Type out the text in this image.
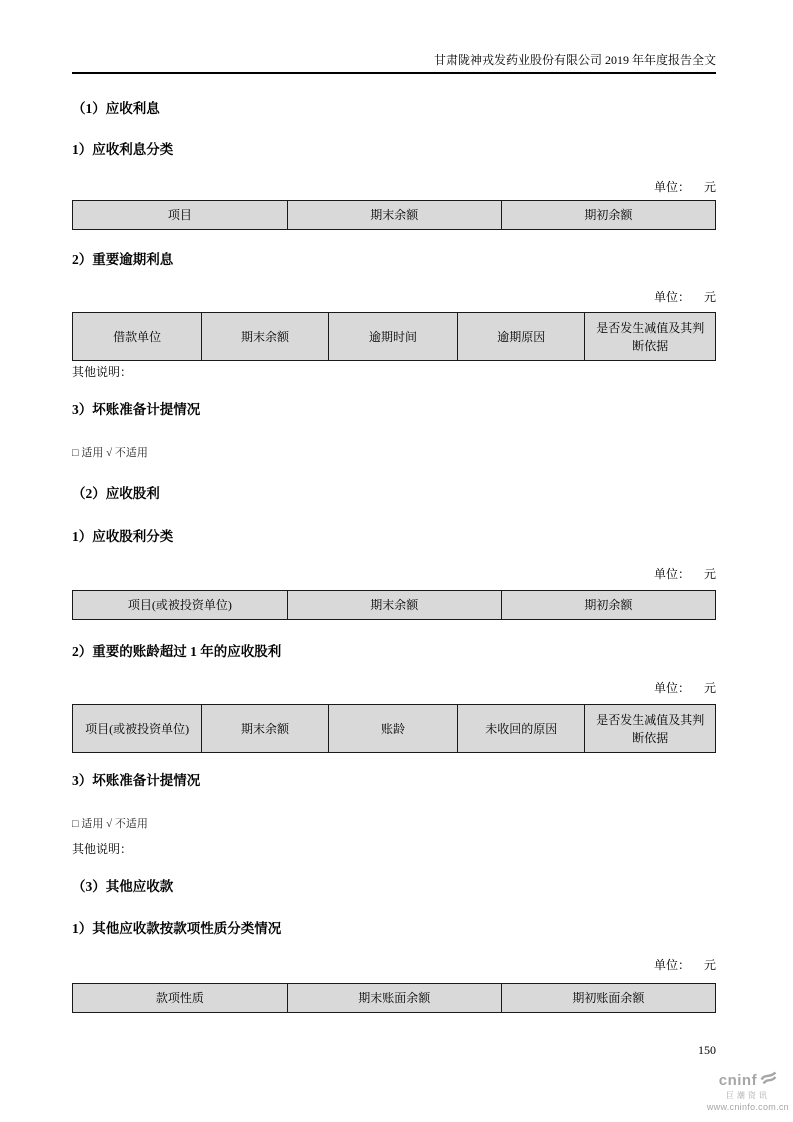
甘肃陇神戎发药业股份有限公司 2019 年年度报告全文
（1）应收利息
1）应收利息分类
单位： 元
项目	期末余额	期初余额
2）重要逾期利息
单位： 元
借款单位	期末余额	逾期时间	逾期原因	是否发生减值及其判断依据
其他说明：
3）坏账准备计提情况
□ 适用 √ 不适用
（2）应收股利
1）应收股利分类
单位： 元
项目(或被投资单位)	期末余额	期初余额
2）重要的账龄超过 1 年的应收股利
单位： 元
项目(或被投资单位)	期末余额	账龄	未收回的原因	是否发生减值及其判断依据
3）坏账准备计提情况
□ 适用 √ 不适用
其他说明：
（3）其他应收款
1）其他应收款按款项性质分类情况
单位： 元
款项性质	期末账面余额	期初账面余额
150
cninf
巨潮资讯
www.cninfo.com.cn
